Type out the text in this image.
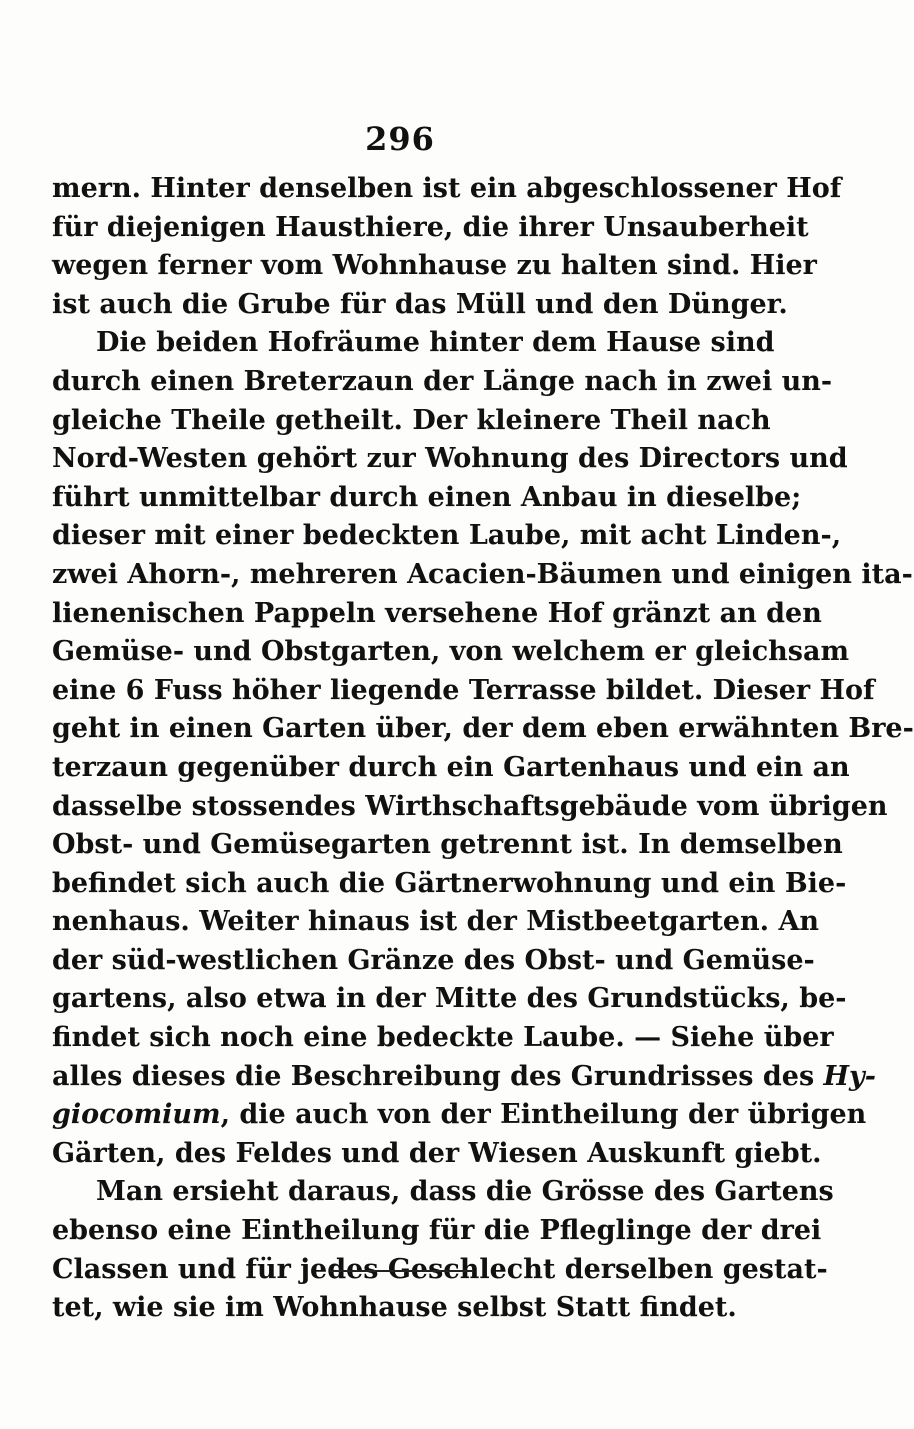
296
mern. Hinter denselben ist ein abgeschlossener Hof
für diejenigen Hausthiere, die ihrer Unsauberheit
wegen ferner vom Wohnhause zu halten sind. Hier
ist auch die Grube für das Müll und den Dünger.
Die beiden Hofräume hinter dem Hause sind
durch einen Breterzaun der Länge nach in zwei un-
gleiche Theile getheilt. Der kleinere Theil nach
Nord-Westen gehört zur Wohnung des Directors und
führt unmittelbar durch einen Anbau in dieselbe;
dieser mit einer bedeckten Laube, mit acht Linden-,
zwei Ahorn-, mehreren Acacien-Bäumen und einigen ita-
lienenischen Pappeln versehene Hof gränzt an den
Gemüse- und Obstgarten, von welchem er gleichsam
eine 6 Fuss höher liegende Terrasse bildet. Dieser Hof
geht in einen Garten über, der dem eben erwähnten Bre-
terzaun gegenüber durch ein Gartenhaus und ein an
dasselbe stossendes Wirthschaftsgebäude vom übrigen
Obst- und Gemüsegarten getrennt ist. In demselben
befindet sich auch die Gärtnerwohnung und ein Bie-
nenhaus. Weiter hinaus ist der Mistbeetgarten. An
der süd-westlichen Gränze des Obst- und Gemüse-
gartens, also etwa in der Mitte des Grundstücks, be-
findet sich noch eine bedeckte Laube. — Siehe über
alles dieses die Beschreibung des Grundrisses des Hy-
giocomium, die auch von der Eintheilung der übrigen
Gärten, des Feldes und der Wiesen Auskunft giebt.
Man ersieht daraus, dass die Grösse des Gartens
ebenso eine Eintheilung für die Pfleglinge der drei
Classen und für jedes Geschlecht derselben gestat-
tet, wie sie im Wohnhause selbst Statt findet.
